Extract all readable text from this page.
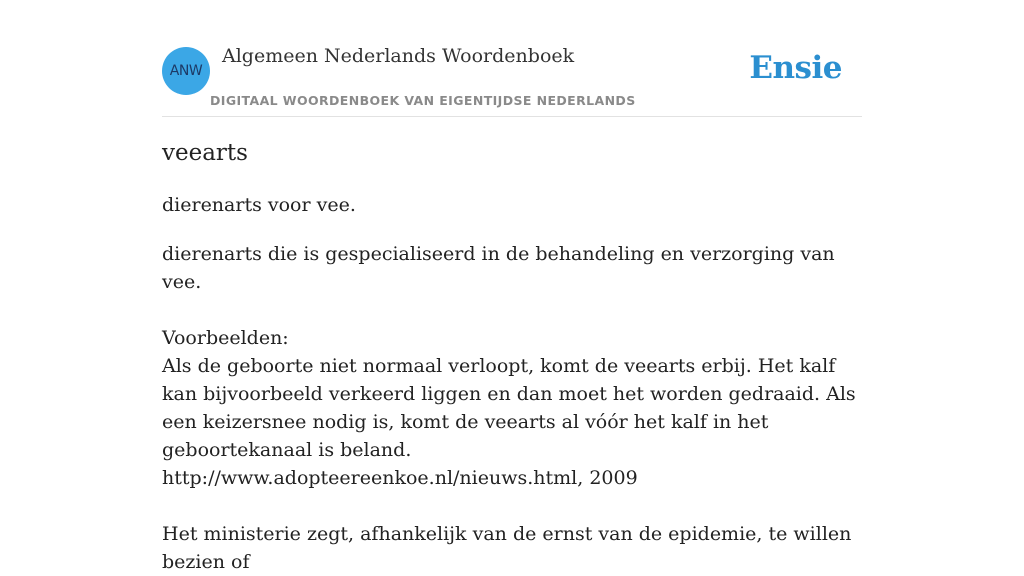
ANW
Algemeen Nederlands Woordenboek
DIGITAAL WOORDENBOEK VAN EIGENTIJDSE NEDERLANDS
Ensie
veearts
dierenarts voor vee.

dierenarts die is gespecialiseerd in de behandeling en verzorging van vee.

Voorbeelden:

Als de geboorte niet normaal verloopt, komt de veearts erbij. Het kalf kan bijvoorbeeld verkeerd liggen en dan moet het worden gedraaid. Als een keizersnee nodig is, komt de veearts al vóór het kalf in het geboortekanaal is beland.

http://www.adopteereenkoe.nl/nieuws.html, 2009

Het ministerie zegt, afhankelijk van de ernst van de epidemie, te willen bezien of
